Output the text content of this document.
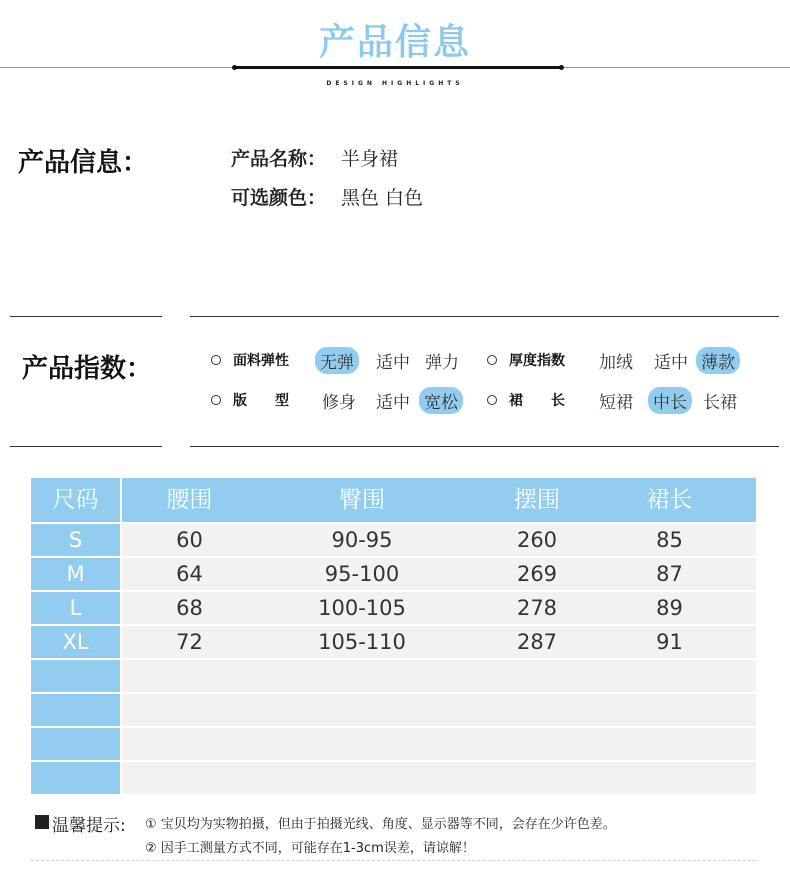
产品信息
DESIGN HIGHLIGHTS
产品信息：	产品名称： 半身裙
可选颜色： 黑色 白色
产品指数：	面料弹性 无弹 适中 弹力	厚度指数 加绒 适中 薄款
版　　型 修身 适中 宽松	裙　　长 短裙 中长 长裙
尺码	腰围	臀围	摆围	裙长
S	60	90-95	260	85
M	64	95-100	269	87
L	68	100-105	278	89
XL	72	105-110	287	91
温馨提示: ① 宝贝均为实物拍摄，但由于拍摄光线、角度、显示器等不同，会存在少许色差。
② 因手工测量方式不同，可能存在1-3cm误差，请谅解！
